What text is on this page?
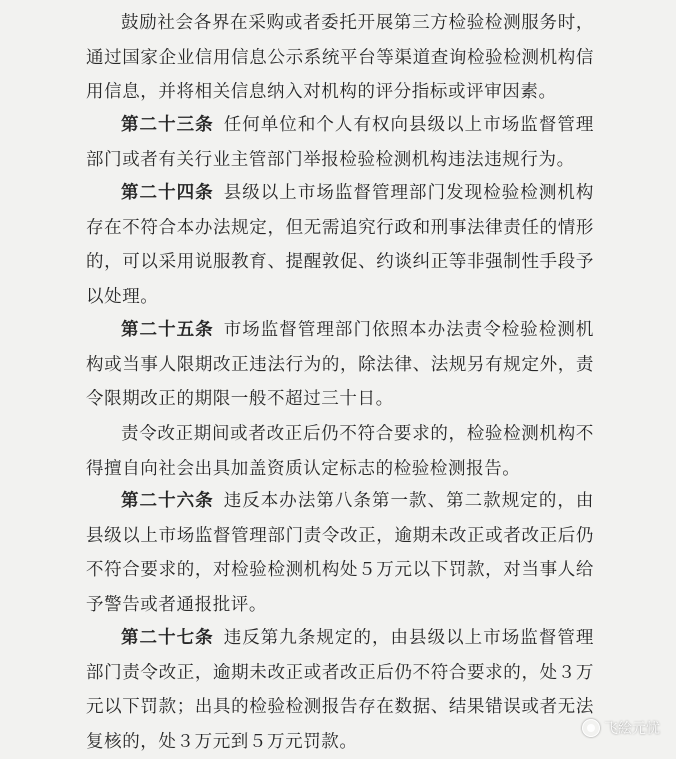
鼓励社会各界在采购或者委托开展第三方检验检测服务时，通过国家企业信用信息公示系统平台等渠道查询检验检测机构信用信息，并将相关信息纳入对机构的评分指标或评审因素。

第二十三条 任何单位和个人有权向县级以上市场监督管理部门或者有关行业主管部门举报检验检测机构违法违规行为。

第二十四条 县级以上市场监督管理部门发现检验检测机构存在不符合本办法规定，但无需追究行政和刑事法律责任的情形的，可以采用说服教育、提醒敦促、约谈纠正等非强制性手段予以处理。

第二十五条 市场监督管理部门依照本办法责令检验检测机构或当事人限期改正违法行为的，除法律、法规另有规定外，责令限期改正的期限一般不超过三十日。

责令改正期间或者改正后仍不符合要求的，检验检测机构不得擅自向社会出具加盖资质认定标志的检验检测报告。

第二十六条 违反本办法第八条第一款、第二款规定的，由县级以上市场监督管理部门责令改正，逾期未改正或者改正后仍不符合要求的，对检验检测机构处５万元以下罚款，对当事人给予警告或者通报批评。

第二十七条 违反第九条规定的，由县级以上市场监督管理部门责令改正，逾期未改正或者改正后仍不符合要求的，处３万元以下罚款；出具的检验检测报告存在数据、结果错误或者无法复核的，处３万元到５万元罚款。

飞絵元忧
